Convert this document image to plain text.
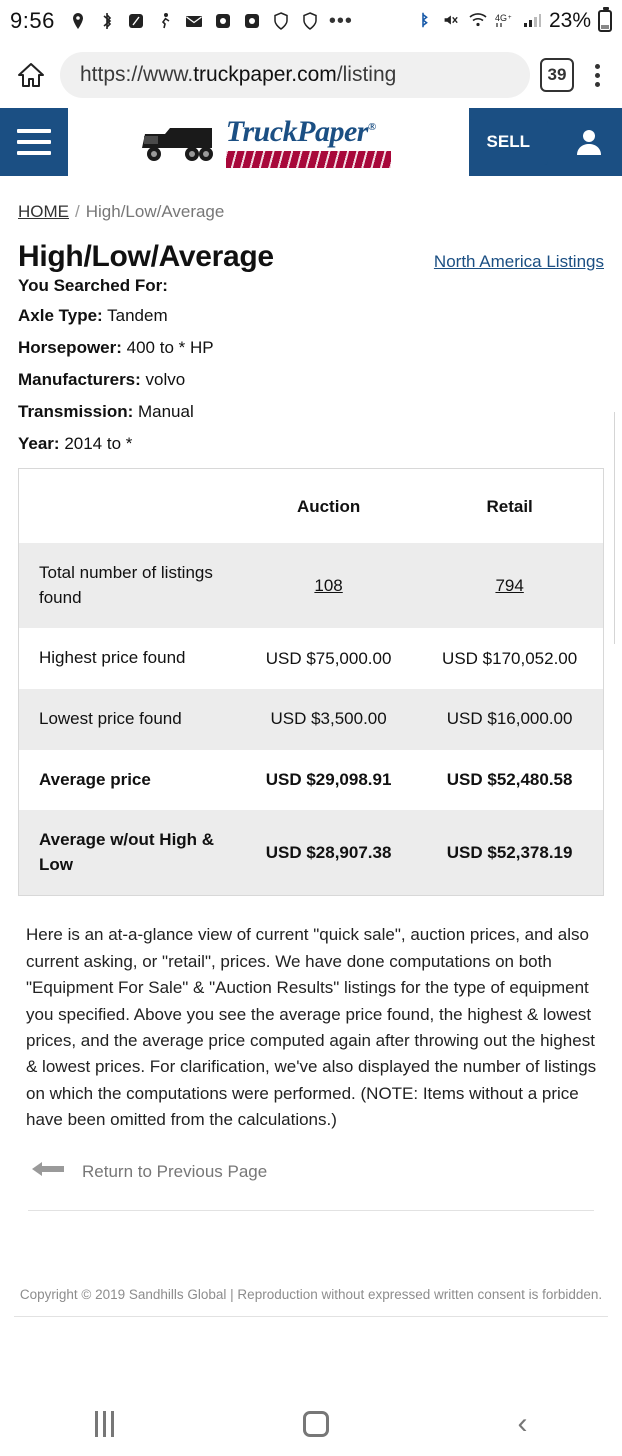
9:56	•••	4G + 23%
https://www.truckpaper.com/listing	39
TruckPaper®
SELL
HOME / High/Low/Average
High/Low/Average	North America Listings
You Searched For:
Axle Type: Tandem
Horsepower: 400 to * HP
Manufacturers: volvo
Transmission: Manual
Year: 2014 to *
	Auction	Retail
Total number of listings found	108	794
Highest price found	USD $75,000.00	USD $170,052.00
Lowest price found	USD $3,500.00	USD $16,000.00
Average price	USD $29,098.91	USD $52,480.58
Average w/out High & Low	USD $28,907.38	USD $52,378.19

Here is an at-a-glance view of current "quick sale", auction prices, and also current asking, or "retail", prices. We have done computations on both "Equipment For Sale" & "Auction Results" listings for the type of equipment you specified. Above you see the average price found, the highest & lowest prices, and the average price computed again after throwing out the highest & lowest prices. For clarification, we've also displayed the number of listings on which the computations were performed. (NOTE: Items without a price have been omitted from the calculations.)

Return to Previous Page
Copyright © 2019 Sandhills Global | Reproduction without expressed written consent is forbidden.
‹
